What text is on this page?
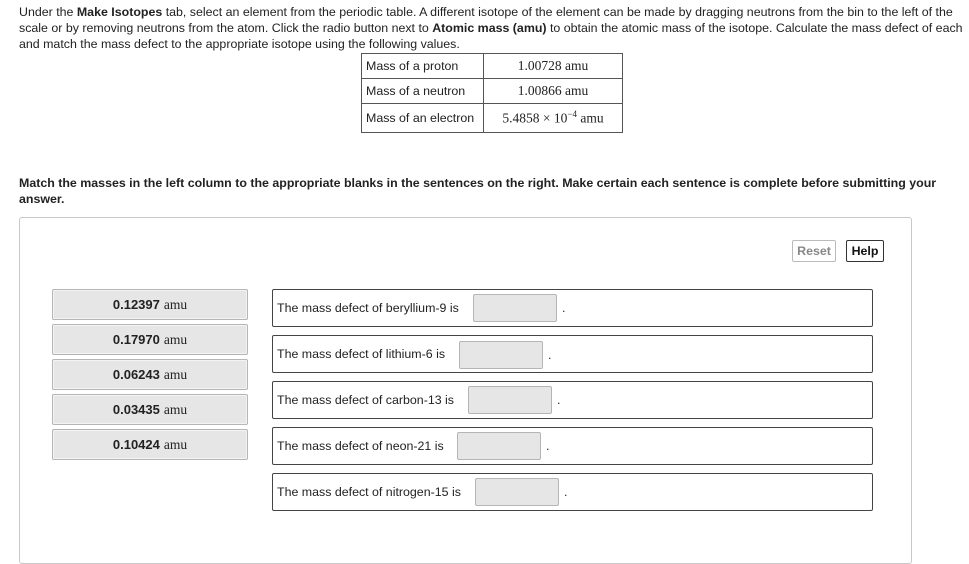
Under the Make Isotopes tab, select an element from the periodic table. A different isotope of the element can be made by dragging neutrons from the bin to the left of the scale or by removing neutrons from the atom. Click the radio button next to Atomic mass (amu) to obtain the atomic mass of the isotope. Calculate the mass defect of each and match the mass defect to the appropriate isotope using the following values.
Mass of a proton	1.00728 amu
Mass of a neutron	1.00866 amu
Mass of an electron	$5.4858 \times 10^{-4}$ amu
Match the masses in the left column to the appropriate blanks in the sentences on the right. Make certain each sentence is complete before submitting your answer.
Reset	Help
0.12397 amu
0.17970 amu
0.06243 amu
0.03435 amu
0.10424 amu
The mass defect of beryllium-9 is	.
The mass defect of lithium-6 is	.
The mass defect of carbon-13 is	.
The mass defect of neon-21 is	.
The mass defect of nitrogen-15 is	.
